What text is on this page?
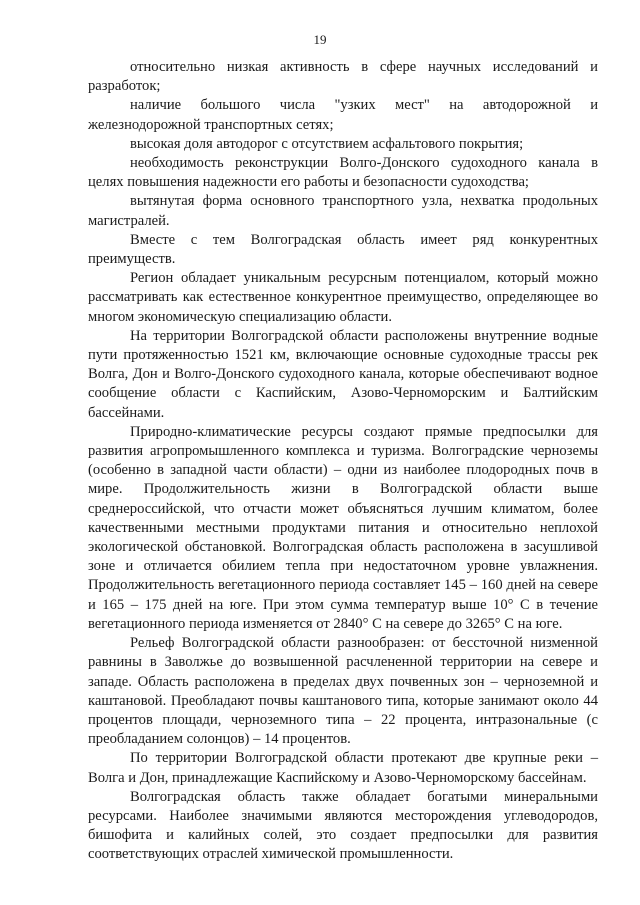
19

относительно низкая активность в сфере научных исследований и разработок;

наличие большого числа "узких мест" на автодорожной и железнодорожной транспортных сетях;

высокая доля автодорог с отсутствием асфальтового покрытия;

необходимость реконструкции Волго-Донского судоходного канала в целях повышения надежности его работы и безопасности судоходства;

вытянутая форма основного транспортного узла, нехватка продольных магистралей.

Вместе с тем Волгоградская область имеет ряд конкурентных преимуществ.

Регион обладает уникальным ресурсным потенциалом, который можно рассматривать как естественное конкурентное преимущество, определяющее во многом экономическую специализацию области.

На территории Волгоградской области расположены внутренние водные пути протяженностью 1521 км, включающие основные судоходные трассы рек Волга, Дон и Волго-Донского судоходного канала, которые обеспечивают водное сообщение области с Каспийским, Азово-Черноморским и Балтийским бассейнами.

Природно-климатические ресурсы создают прямые предпосылки для развития агропромышленного комплекса и туризма. Волгоградские черноземы (особенно в западной части области) – одни из наиболее плодородных почв в мире. Продолжительность жизни в Волгоградской области выше среднероссийской, что отчасти может объясняться лучшим климатом, более качественными местными продуктами питания и относительно неплохой экологической обстановкой. Волгоградская область расположена в засушливой зоне и отличается обилием тепла при недостаточном уровне увлажнения. Продолжительность вегетационного периода составляет 145 – 160 дней на севере и 165 – 175 дней на юге. При этом сумма температур выше 10° С в течение вегетационного периода изменяется от 2840° С на севере до 3265° С на юге.

Рельеф Волгоградской области разнообразен: от бессточной низменной равнины в Заволжье до возвышенной расчлененной территории на севере и западе. Область расположена в пределах двух почвенных зон – черноземной и каштановой. Преобладают почвы каштанового типа, которые занимают около 44 процентов площади, черноземного типа – 22 процента, интразональные (с преобладанием солонцов) – 14 процентов.

По территории Волгоградской области протекают две крупные реки – Волга и Дон, принадлежащие Каспийскому и Азово-Черноморскому бассейнам.

Волгоградская область также обладает богатыми минеральными ресурсами. Наиболее значимыми являются месторождения углеводородов, бишофита и калийных солей, это создает предпосылки для развития соответствующих отраслей химической промышленности.
